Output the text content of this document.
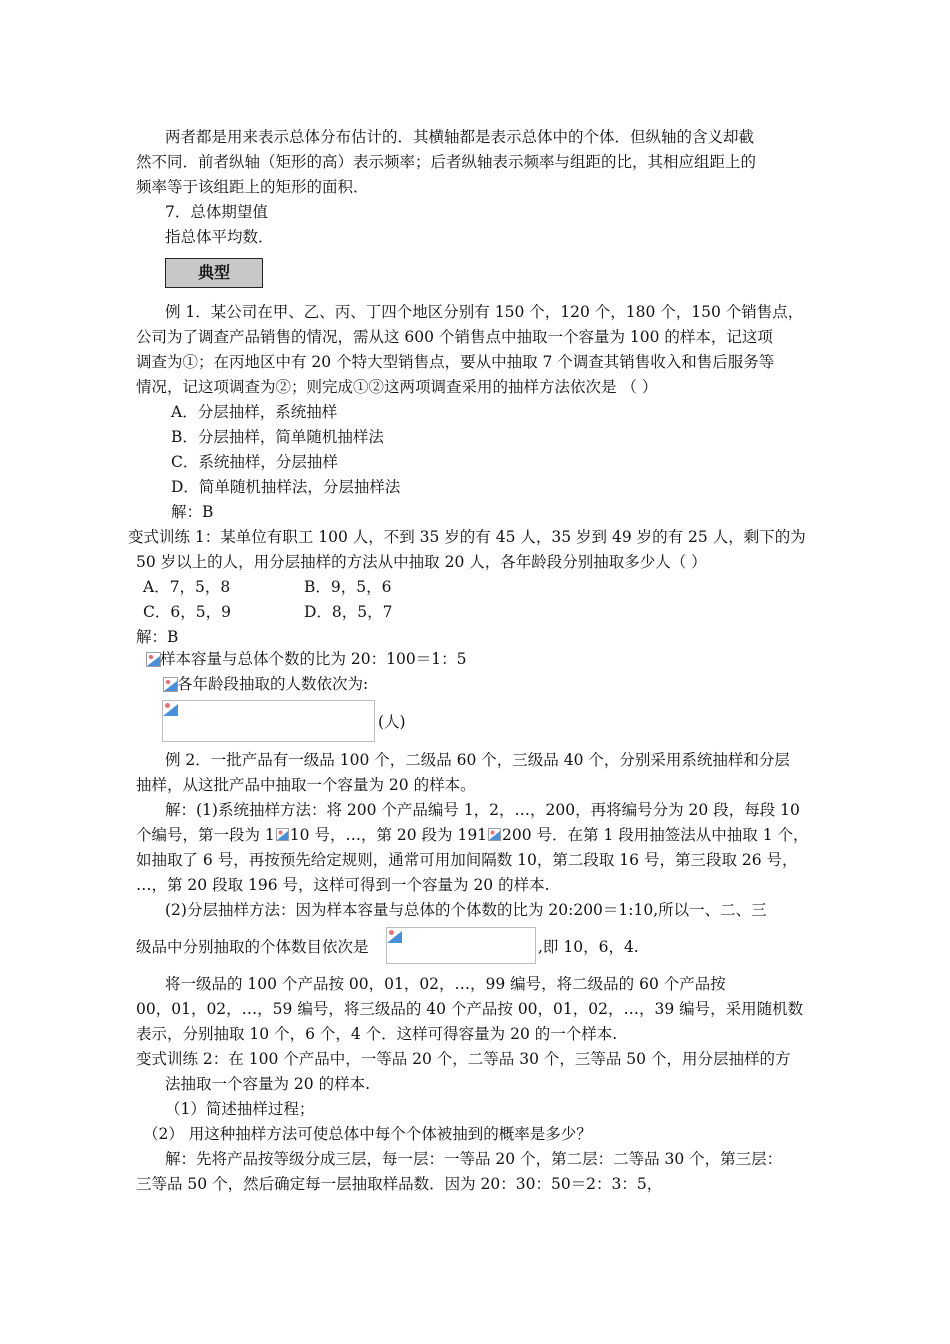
两者都是用来表示总体分布估计的．其横轴都是表示总体中的个体．但纵轴的含义却截
然不同．前者纵轴（矩形的高）表示频率；后者纵轴表示频率与组距的比，其相应组距上的
频率等于该组距上的矩形的面积．
7．总体期望值
指总体平均数．
典型
例 1．某公司在甲、乙、丙、丁四个地区分别有 150 个，120 个，180 个，150 个销售点，
公司为了调查产品销售的情况，需从这 600 个销售点中抽取一个容量为 100 的样本，记这项
调查为①；在丙地区中有 20 个特大型销售点，要从中抽取 7 个调查其销售收入和售后服务等
情况，记这项调查为②；则完成①②这两项调查采用的抽样方法依次是 （ ）
A．分层抽样，系统抽样
B．分层抽样，简单随机抽样法
C．系统抽样，分层抽样
D．简单随机抽样法，分层抽样法
解：B
变式训练 1：某单位有职工 100 人，不到 35 岁的有 45 人，35 岁到 49 岁的有 25 人，剩下的为
50 岁以上的人，用分层抽样的方法从中抽取 20 人，各年龄段分别抽取多少人（ ）
A．7，5，8	B．9，5，6
C．6，5，9	D．8，5，7
解：B
样本容量与总体个数的比为 20：100＝1：5
各年龄段抽取的人数依次为:
(人)
例 2．一批产品有一级品 100 个，二级品 60 个，三级品 40 个，分别采用系统抽样和分层
抽样，从这批产品中抽取一个容量为 20 的样本。
解：(1)系统抽样方法：将 200 个产品编号 1，2，…，200，再将编号分为 20 段，每段 10
个编号，第一段为 1 10 号，…，第 20 段为 191 200 号．在第 1 段用抽签法从中抽取 1 个，
如抽取了 6 号，再按预先给定规则，通常可用加间隔数 10，第二段取 16 号，第三段取 26 号，
…，第 20 段取 196 号，这样可得到一个容量为 20 的样本.
(2)分层抽样方法：因为样本容量与总体的个体数的比为 20:200＝1:10,所以一、二、三
级品中分别抽取的个体数目依次是	,即 10，6，4.
将一级品的 100 个产品按 00，01，02，…，99 编号，将二级品的 60 个产品按
00，01，02，…，59 编号，将三级品的 40 个产品按 00，01，02，…，39 编号，采用随机数
表示，分别抽取 10 个，6 个，4 个．这样可得容量为 20 的一个样本.
变式训练 2：在 100 个产品中，一等品 20 个，二等品 30 个，三等品 50 个，用分层抽样的方
法抽取一个容量为 20 的样本.
（1）简述抽样过程；
（2） 用这种抽样方法可使总体中每个个体被抽到的概率是多少？
解：先将产品按等级分成三层，每一层：一等品 20 个，第二层：二等品 30 个，第三层：
三等品 50 个，然后确定每一层抽取样品数．因为 20：30：50＝2：3：5，
